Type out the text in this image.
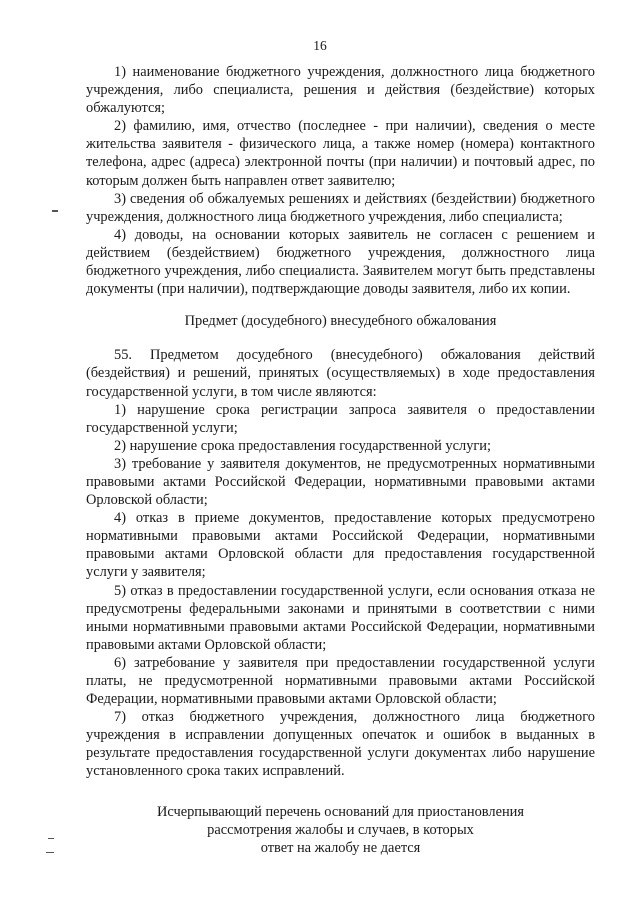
16

1) наименование бюджетного учреждения, должностного лица бюджетного учреждения, либо специалиста, решения и действия (бездействие) которых обжалуются;

2) фамилию, имя, отчество (последнее - при наличии), сведения о месте жительства заявителя - физического лица, а также номер (номера) контактного телефона, адрес (адреса) электронной почты (при наличии) и почтовый адрес, по которым должен быть направлен ответ заявителю;

3) сведения об обжалуемых решениях и действиях (бездействии) бюджетного учреждения, должностного лица бюджетного учреждения, либо специалиста;

4) доводы, на основании которых заявитель не согласен с решением и действием (бездействием) бюджетного учреждения, должностного лица бюджетного учреждения, либо специалиста. Заявителем могут быть представлены документы (при наличии), подтверждающие доводы заявителя, либо их копии.

Предмет (досудебного) внесудебного обжалования

55. Предметом досудебного (внесудебного) обжалования действий (бездействия) и решений, принятых (осуществляемых) в ходе предоставления государственной услуги, в том числе являются:

1) нарушение срока регистрации запроса заявителя о предоставлении государственной услуги;

2) нарушение срока предоставления государственной услуги;

3) требование у заявителя документов, не предусмотренных нормативными правовыми актами Российской Федерации, нормативными правовыми актами Орловской области;

4) отказ в приеме документов, предоставление которых предусмотрено нормативными правовыми актами Российской Федерации, нормативными правовыми актами Орловской области для предоставления государственной услуги у заявителя;

5) отказ в предоставлении государственной услуги, если основания отказа не предусмотрены федеральными законами и принятыми в соответствии с ними иными нормативными правовыми актами Российской Федерации, нормативными правовыми актами Орловской области;

6) затребование у заявителя при предоставлении государственной услуги платы, не предусмотренной нормативными правовыми актами Российской Федерации, нормативными правовыми актами Орловской области;

7) отказ бюджетного учреждения, должностного лица бюджетного учреждения в исправлении допущенных опечаток и ошибок в выданных в результате предоставления государственной услуги документах либо нарушение установленного срока таких исправлений.

Исчерпывающий перечень оснований для приостановления
рассмотрения жалобы и случаев, в которых
ответ на жалобу не дается
